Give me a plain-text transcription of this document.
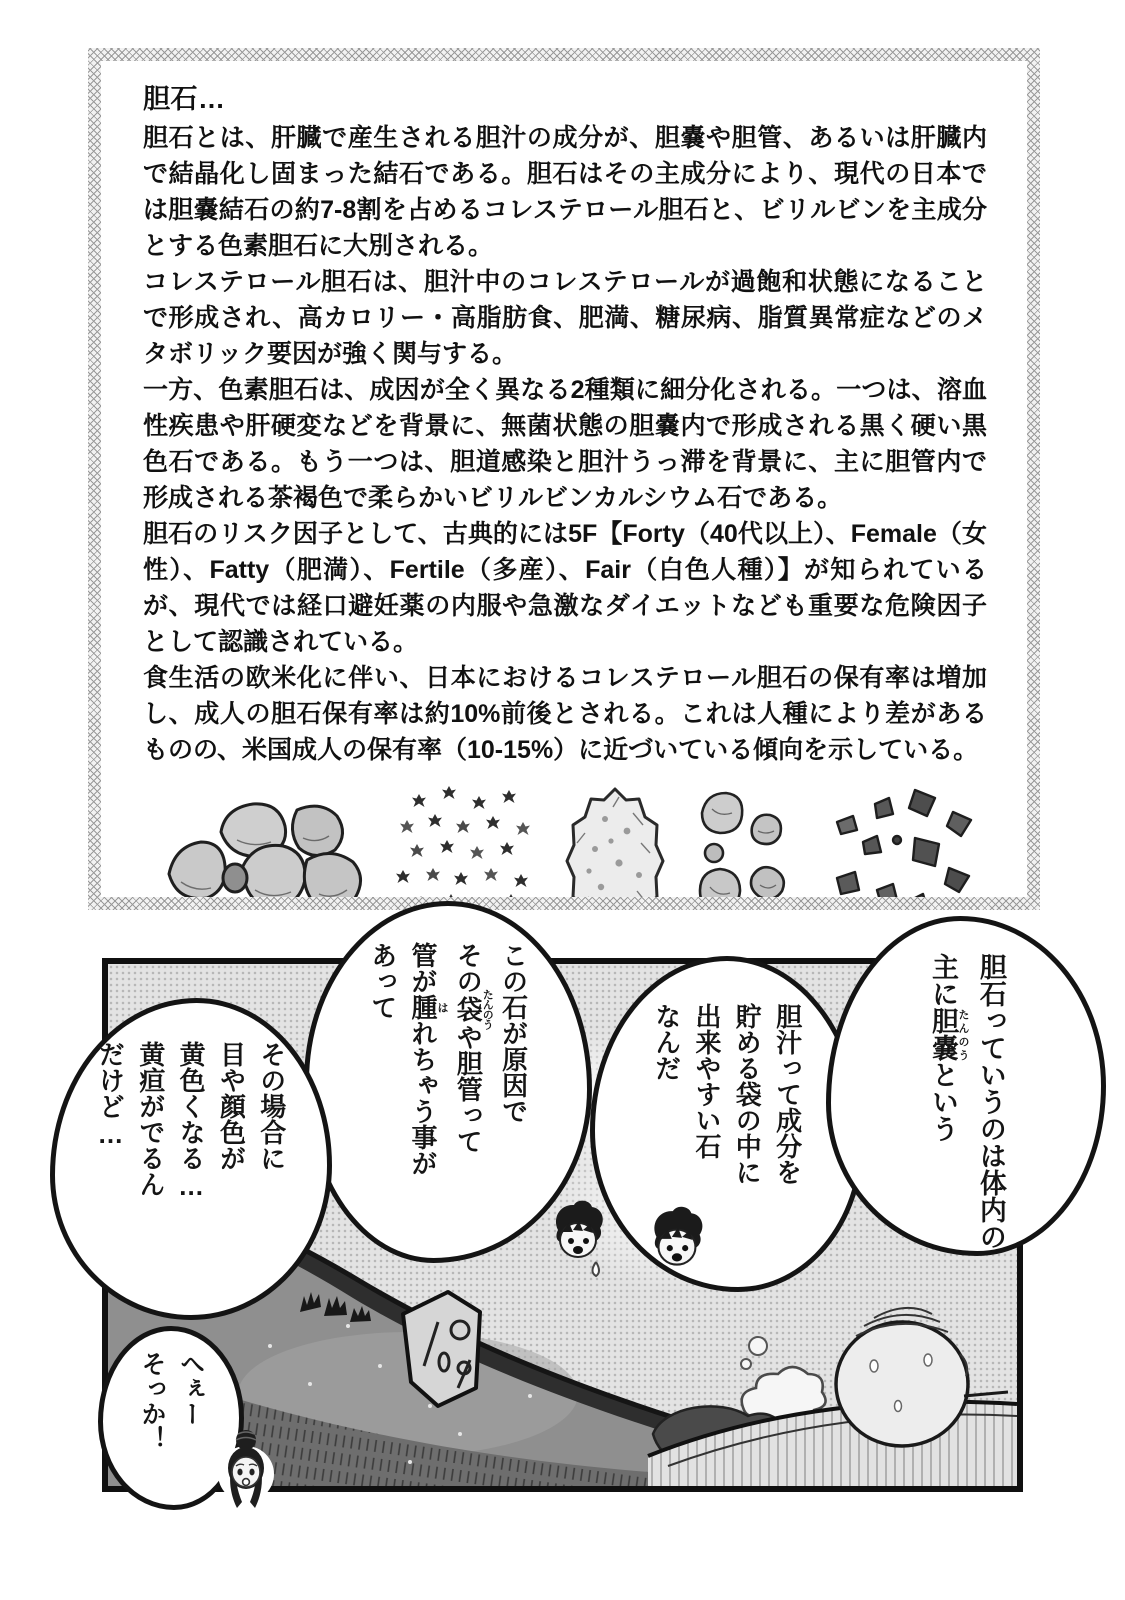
胆石…

胆石とは、肝臓で産生される胆汁の成分が、胆嚢や胆管、あるいは肝臓内で結晶化し固まった結石である。胆石はその主成分により、現代の日本では胆嚢結石の約7-8割を占めるコレステロール胆石と、ビリルビンを主成分とする色素胆石に大別される。

コレステロール胆石は、胆汁中のコレステロールが過飽和状態になることで形成され、高カロリー・高脂肪食、肥満、糖尿病、脂質異常症などのメタボリック要因が強く関与する。

一方、色素胆石は、成因が全く異なる2種類に細分化される。一つは、溶血性疾患や肝硬変などを背景に、無菌状態の胆嚢内で形成される黒く硬い黒色石である。もう一つは、胆道感染と胆汁うっ滞を背景に、主に胆管内で形成される茶褐色で柔らかいビリルビンカルシウム石である。

胆石のリスク因子として、古典的には5F【Forty（40代以上）、Female（女性）、Fatty（肥満）、Fertile（多産）、Fair（白色人種）】が知られているが、現代では経口避妊薬の内服や急激なダイエットなども重要な危険因子として認識されている。

食生活の欧米化に伴い、日本におけるコレステロール胆石の保有率は増加し、成人の胆石保有率は約10%前後とされる。これは人種により差があるものの、米国成人の保有率（10-15%）に近づいている傾向を示している。

胆石っていうのは体内の
主に胆嚢 たんのうという
胆汁って成分を
貯める袋の中に
出来やすい石
なんだ
この石が原因で
その袋たんのうや胆管って
管が腫はれちゃう事が
あって
その場合に
目や顔色が
黄色くなる…
黄疸がでるん
だけど…
へぇー
そっか！
